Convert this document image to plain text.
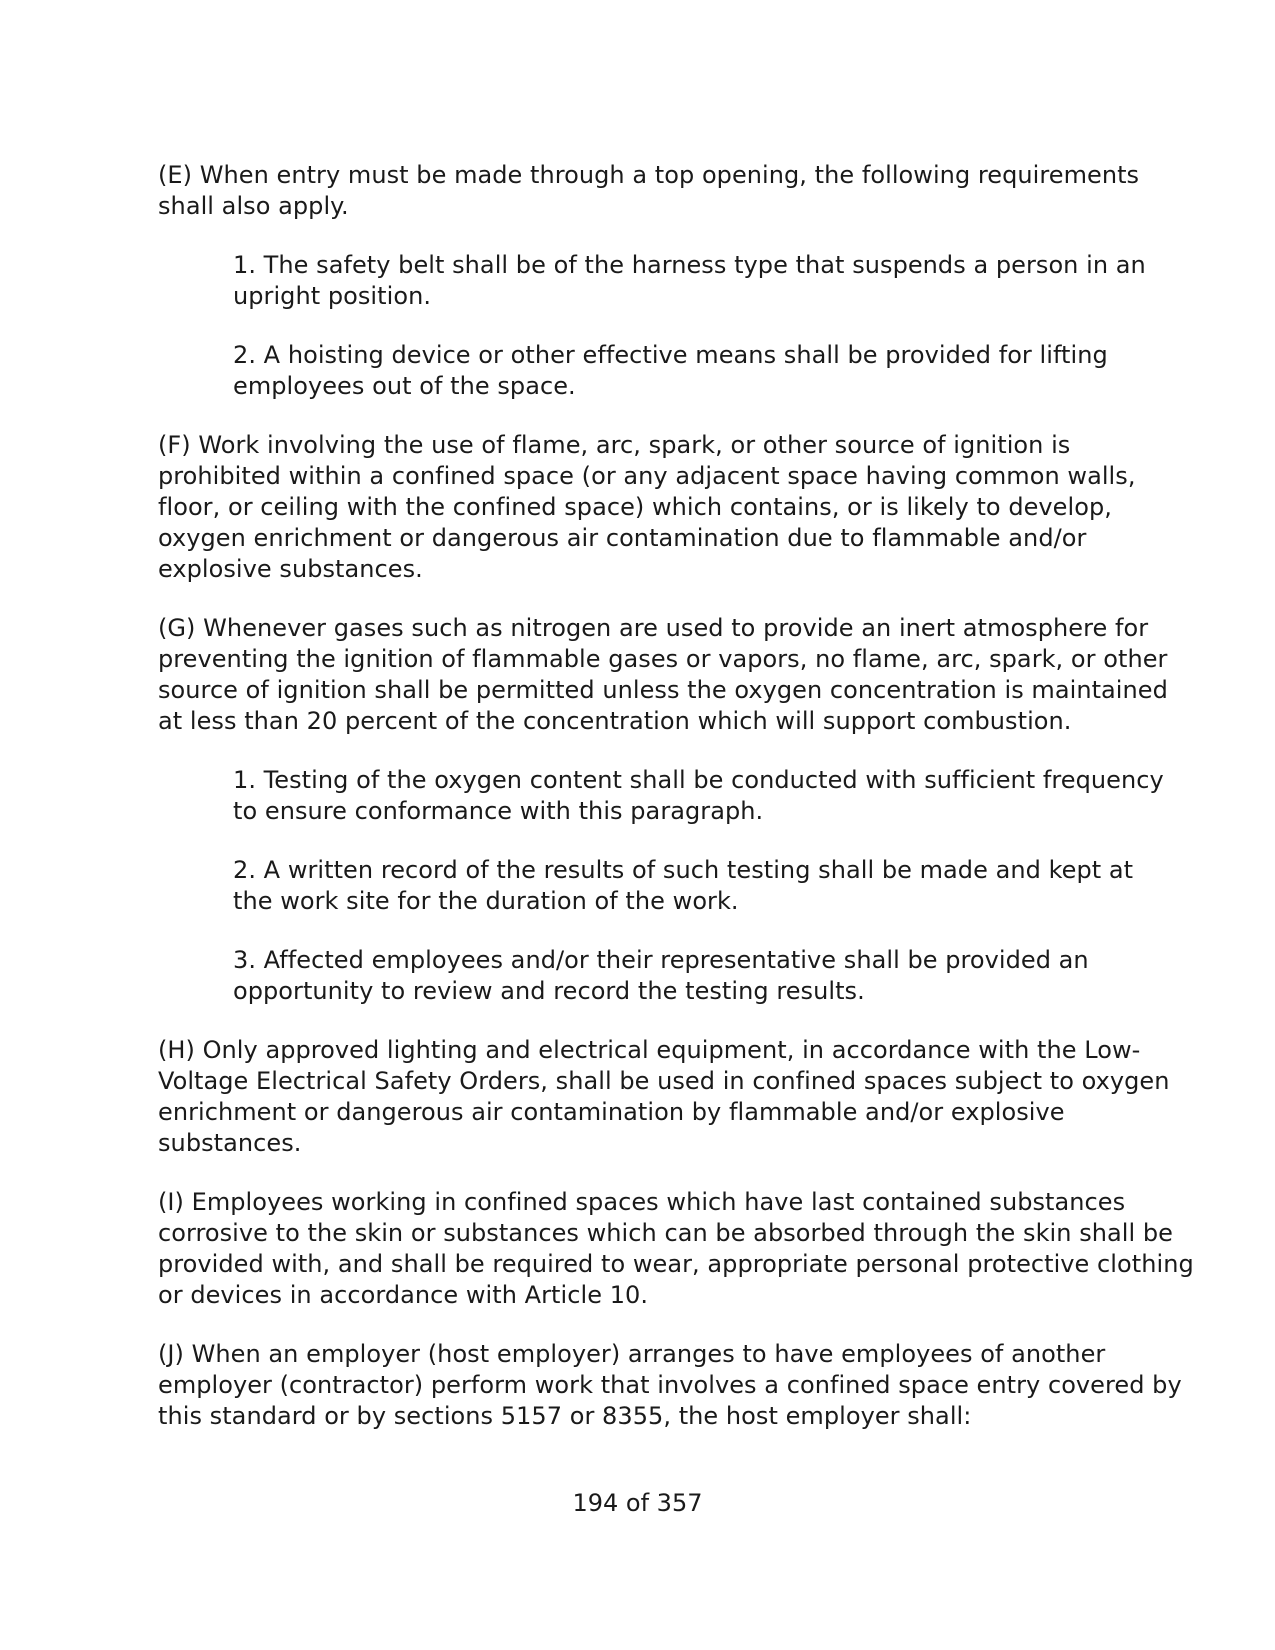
(E) When entry must be made through a top opening, the following requirements shall also apply.

1. The safety belt shall be of the harness type that suspends a person in an upright position.

2. A hoisting device or other effective means shall be provided for lifting employees out of the space.

(F) Work involving the use of flame, arc, spark, or other source of ignition is prohibited within a confined space (or any adjacent space having common walls, floor, or ceiling with the confined space) which contains, or is likely to develop, oxygen enrichment or dangerous air contamination due to flammable and/or explosive substances.

(G) Whenever gases such as nitrogen are used to provide an inert atmosphere for preventing the ignition of flammable gases or vapors, no flame, arc, spark, or other source of ignition shall be permitted unless the oxygen concentration is maintained at less than 20 percent of the concentration which will support combustion.

1. Testing of the oxygen content shall be conducted with sufficient frequency to ensure conformance with this paragraph.

2. A written record of the results of such testing shall be made and kept at the work site for the duration of the work.

3. Affected employees and/or their representative shall be provided an opportunity to review and record the testing results.

(H) Only approved lighting and electrical equipment, in accordance with the Low-Voltage Electrical Safety Orders, shall be used in confined spaces subject to oxygen enrichment or dangerous air contamination by flammable and/or explosive substances.

(I) Employees working in confined spaces which have last contained substances corrosive to the skin or substances which can be absorbed through the skin shall be provided with, and shall be required to wear, appropriate personal protective clothing or devices in accordance with Article 10.

(J) When an employer (host employer) arranges to have employees of another employer (contractor) perform work that involves a confined space entry covered by this standard or by sections 5157 or 8355, the host employer shall:

194 of 357
